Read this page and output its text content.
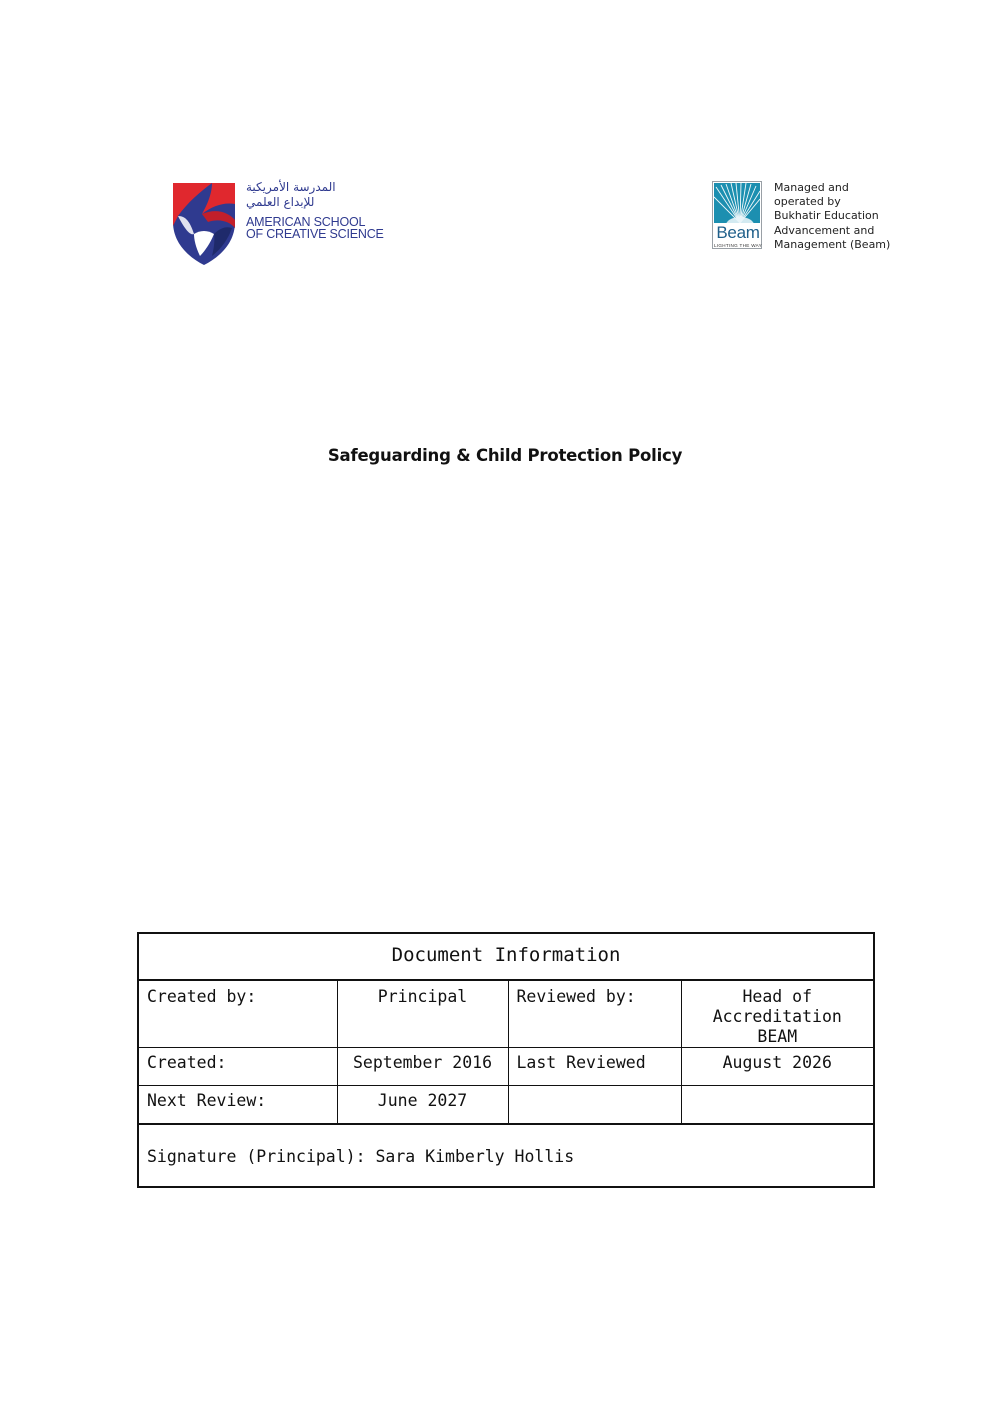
المدرسة الأمريكية
للإبداع العلمي
AMERICAN SCHOOL
OF CREATIVE SCIENCE	Beam
LIGHTING THE WAY
Managed and
operated by
Bukhatir Education
Advancement and
Management (Beam)
Safeguarding & Child Protection Policy
Document Information			
Created by:	Principal	Reviewed by:	Head of Accreditation BEAM
Created:	September 2016	Last Reviewed	August 2026
Next Review:	June 2027		
Signature (Principal): Sara Kimberly Hollis			
